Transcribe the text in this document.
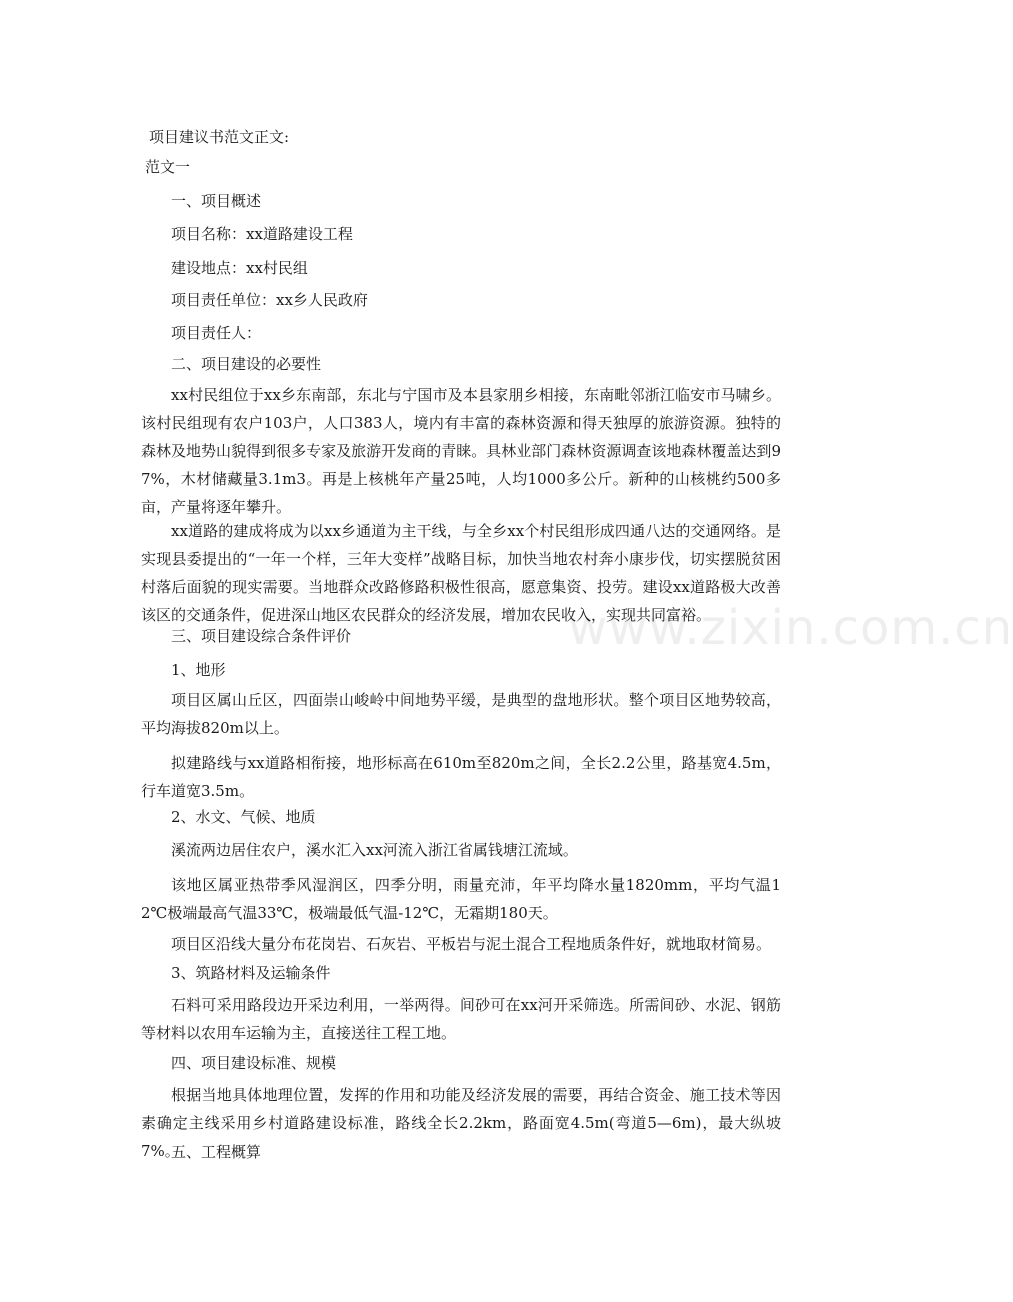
www.zixin.com.cn
项目建议书范文正文:
范文一
一、项目概述
项目名称：xx道路建设工程
建设地点：xx村民组
项目责任单位：xx乡人民政府
项目责任人：
二、项目建设的必要性
xx村民组位于xx乡东南部，东北与宁国市及本县家朋乡相接，东南毗邻浙江临安市马啸乡。该村民组现有农户103户，人口383人，境内有丰富的森林资源和得天独厚的旅游资源。独特的森林及地势山貌得到很多专家及旅游开发商的青睐。具林业部门森林资源调查该地森林覆盖达到97%，木材储藏量3.1m3。再是上核桃年产量25吨，人均1000多公斤。新种的山核桃约500多亩，产量将逐年攀升。
xx道路的建成将成为以xx乡通道为主干线，与全乡xx个村民组形成四通八达的交通网络。是实现县委提出的“一年一个样，三年大变样”战略目标，加快当地农村奔小康步伐，切实摆脱贫困村落后面貌的现实需要。当地群众改路修路积极性很高，愿意集资、投劳。建设xx道路极大改善该区的交通条件，促进深山地区农民群众的经济发展，增加农民收入，实现共同富裕。
三、项目建设综合条件评价
1、地形
项目区属山丘区，四面崇山峻岭中间地势平缓，是典型的盘地形状。整个项目区地势较高，平均海拔820m以上。
拟建路线与xx道路相衔接，地形标高在610m至820m之间，全长2.2公里，路基宽4.5m，行车道宽3.5m。
2、水文、气候、地质
溪流两边居住农户，溪水汇入xx河流入浙江省属钱塘江流域。
该地区属亚热带季风湿润区，四季分明，雨量充沛，年平均降水量1820mm，平均气温12℃极端最高气温33℃，极端最低气温-12℃，无霜期180天。
项目区沿线大量分布花岗岩、石灰岩、平板岩与泥土混合工程地质条件好，就地取材简易。
3、筑路材料及运输条件
石料可采用路段边开采边利用，一举两得。间砂可在xx河开采筛选。所需间砂、水泥、钢筋等材料以农用车运输为主，直接送往工程工地。
四、项目建设标准、规模
根据当地具体地理位置，发挥的作用和功能及经济发展的需要，再结合资金、施工技术等因素确定主线采用乡村道路建设标准，路线全长2.2km，路面宽4.5m(弯道5—6m)，最大纵坡7%。
五、工程概算
